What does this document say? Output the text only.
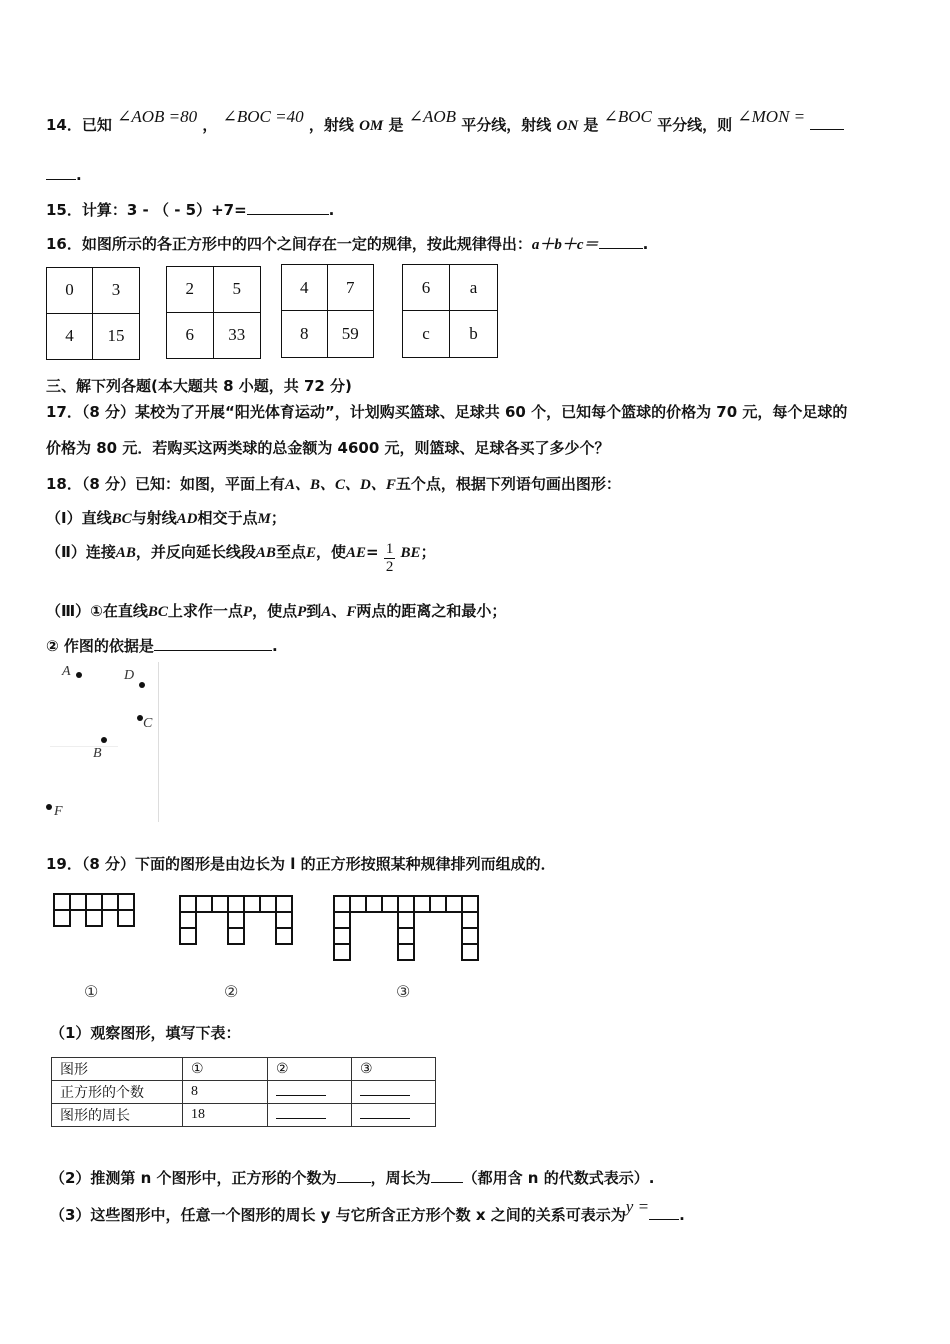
14．已知 ∠AOB =80 ， ∠BOC =40 ，射线 OM 是 ∠AOB 平分线，射线 ON 是 ∠BOC 平分线，则 ∠MON =
.
15．计算：3 - （ - 5）+7=	.
16．如图所示的各正方形中的四个之间存在一定的规律，按此规律得出：a＋b＋c＝	.
0	3
4	15
2	5
6	33
4	7
8	59
6	a
c	b
三、解下列各题(本大题共 8 小题，共 72 分)
17．（8 分）某校为了开展“阳光体育运动”，计划购买篮球、足球共 60 个，已知每个篮球的价格为 70 元，每个足球的
价格为 80 元．若购买这两类球的总金额为 4600 元，则篮球、足球各买了多少个？
18．（8 分）已知：如图，平面上有A、B、C、D、F五个点，根据下列语句画出图形：
（Ⅰ）直线BC与射线AD相交于点M；
（Ⅱ）连接AB，并反向延长线段AB至点E，使$AE= \frac{1}{2}$ BE；
（Ⅲ）①在直线BC上求作一点P，使点P到A、F两点的距离之和最小；
② 作图的依据是	.
A	D
C
B
F
19．（8 分）下面的图形是由边长为 l 的正方形按照某种规律排列而组成的．
①	②	③
（1）观察图形，填写下表：
图形	①	②	③
正方形的个数	8		
图形的周长	18		
（2）推测第 n 个图形中，正方形的个数为 ，周长为 （都用含 n 的代数式表示）.
（3）这些图形中，任意一个图形的周长 y 与它所含正方形个数 x 之间的关系可表示为y = .
